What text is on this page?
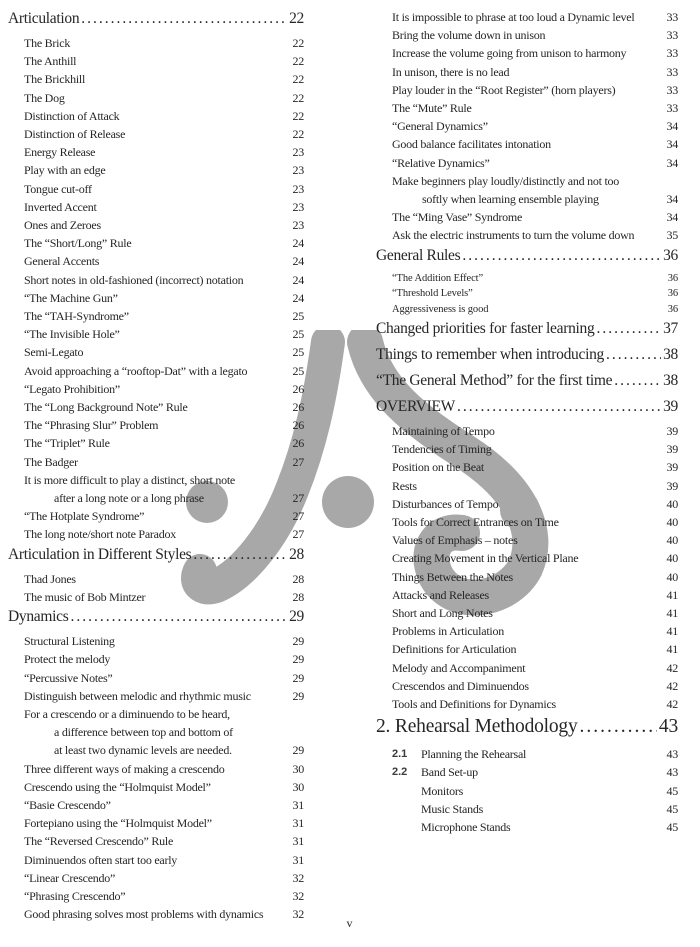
Articulation .....	22
The Brick	22
The Anthill	22
The Brickhill	22
The Dog	22
Distinction of Attack	22
Distinction of Release	22
Energy Release	23
Play with an edge	23
Tongue cut-off	23
Inverted Accent	23
Ones and Zeroes	23
The “Short/Long” Rule	24
General Accents	24
Short notes in old-fashioned (incorrect) notation	24
“The Machine Gun”	24
The “TAH-Syndrome”	25
“The Invisible Hole”	25
Semi-Legato	25
Avoid approaching a “rooftop-Dat” with a legato	25
“Legato Prohibition”	26
The “Long Background Note” Rule	26
The “Phrasing Slur” Problem	26
The “Triplet” Rule	26
The Badger	27
It is more difficult to play a distinct, short note
after a long note or a long phrase	27
“The Hotplate Syndrome”	27
The long note/short note Paradox	27
Articulation in Different Styles .....	28
Thad Jones	28
The music of Bob Mintzer	28
Dynamics .....	29
Structural Listening	29
Protect the melody	29
“Percussive Notes”	29
Distinguish between melodic and rhythmic music	29
For a crescendo or a diminuendo to be heard,
a difference between top and bottom of
at least two dynamic levels are needed.	29
Three different ways of making a crescendo	30
Crescendo using the “Holmquist Model”	30
“Basie Crescendo”	31
Fortepiano using the “Holmquist Model”	31
The “Reversed Crescendo” Rule	31
Diminuendos often start too early	31
“Linear Crescendo”	32
“Phrasing Crescendo”	32
Good phrasing solves most problems with dynamics	32
It is impossible to phrase at too loud a Dynamic level	33
Bring the volume down in unison	33
Increase the volume going from unison to harmony	33
In unison, there is no lead	33
Play louder in the “Root Register” (horn players)	33
The “Mute” Rule	33
“General Dynamics”	34
Good balance facilitates intonation	34
“Relative Dynamics”	34
Make beginners play loudly/distinctly and not too
softly when learning ensemble playing	34
The “Ming Vase” Syndrome	34
Ask the electric instruments to turn the volume down	35
General Rules .....	36
“The Addition Effect”	36
“Threshold Levels”	36
Aggressiveness is good	36
Changed priorities for faster learning .....	37
Things to remember when introducing .....	38
“The General Method” for the first time .....	38
OVERVIEW .....	39
Maintaining of Tempo	39
Tendencies of Timing	39
Position on the Beat	39
Rests	39
Disturbances of Tempo	40
Tools for Correct Entrances on Time	40
Values of Emphasis – notes	40
Creating Movement in the Vertical Plane	40
Things Between the Notes	40
Attacks and Releases	41
Short and Long Notes	41
Problems in Articulation	41
Definitions for Articulation	41
Melody and Accompaniment	42
Crescendos and Diminuendos	42
Tools and Definitions for Dynamics	42
2. Rehearsal Methodology .....	43
2.1	Planning the Rehearsal	43
2.2	Band Set-up	43
Monitors	45
Music Stands	45
Microphone Stands	45
v
